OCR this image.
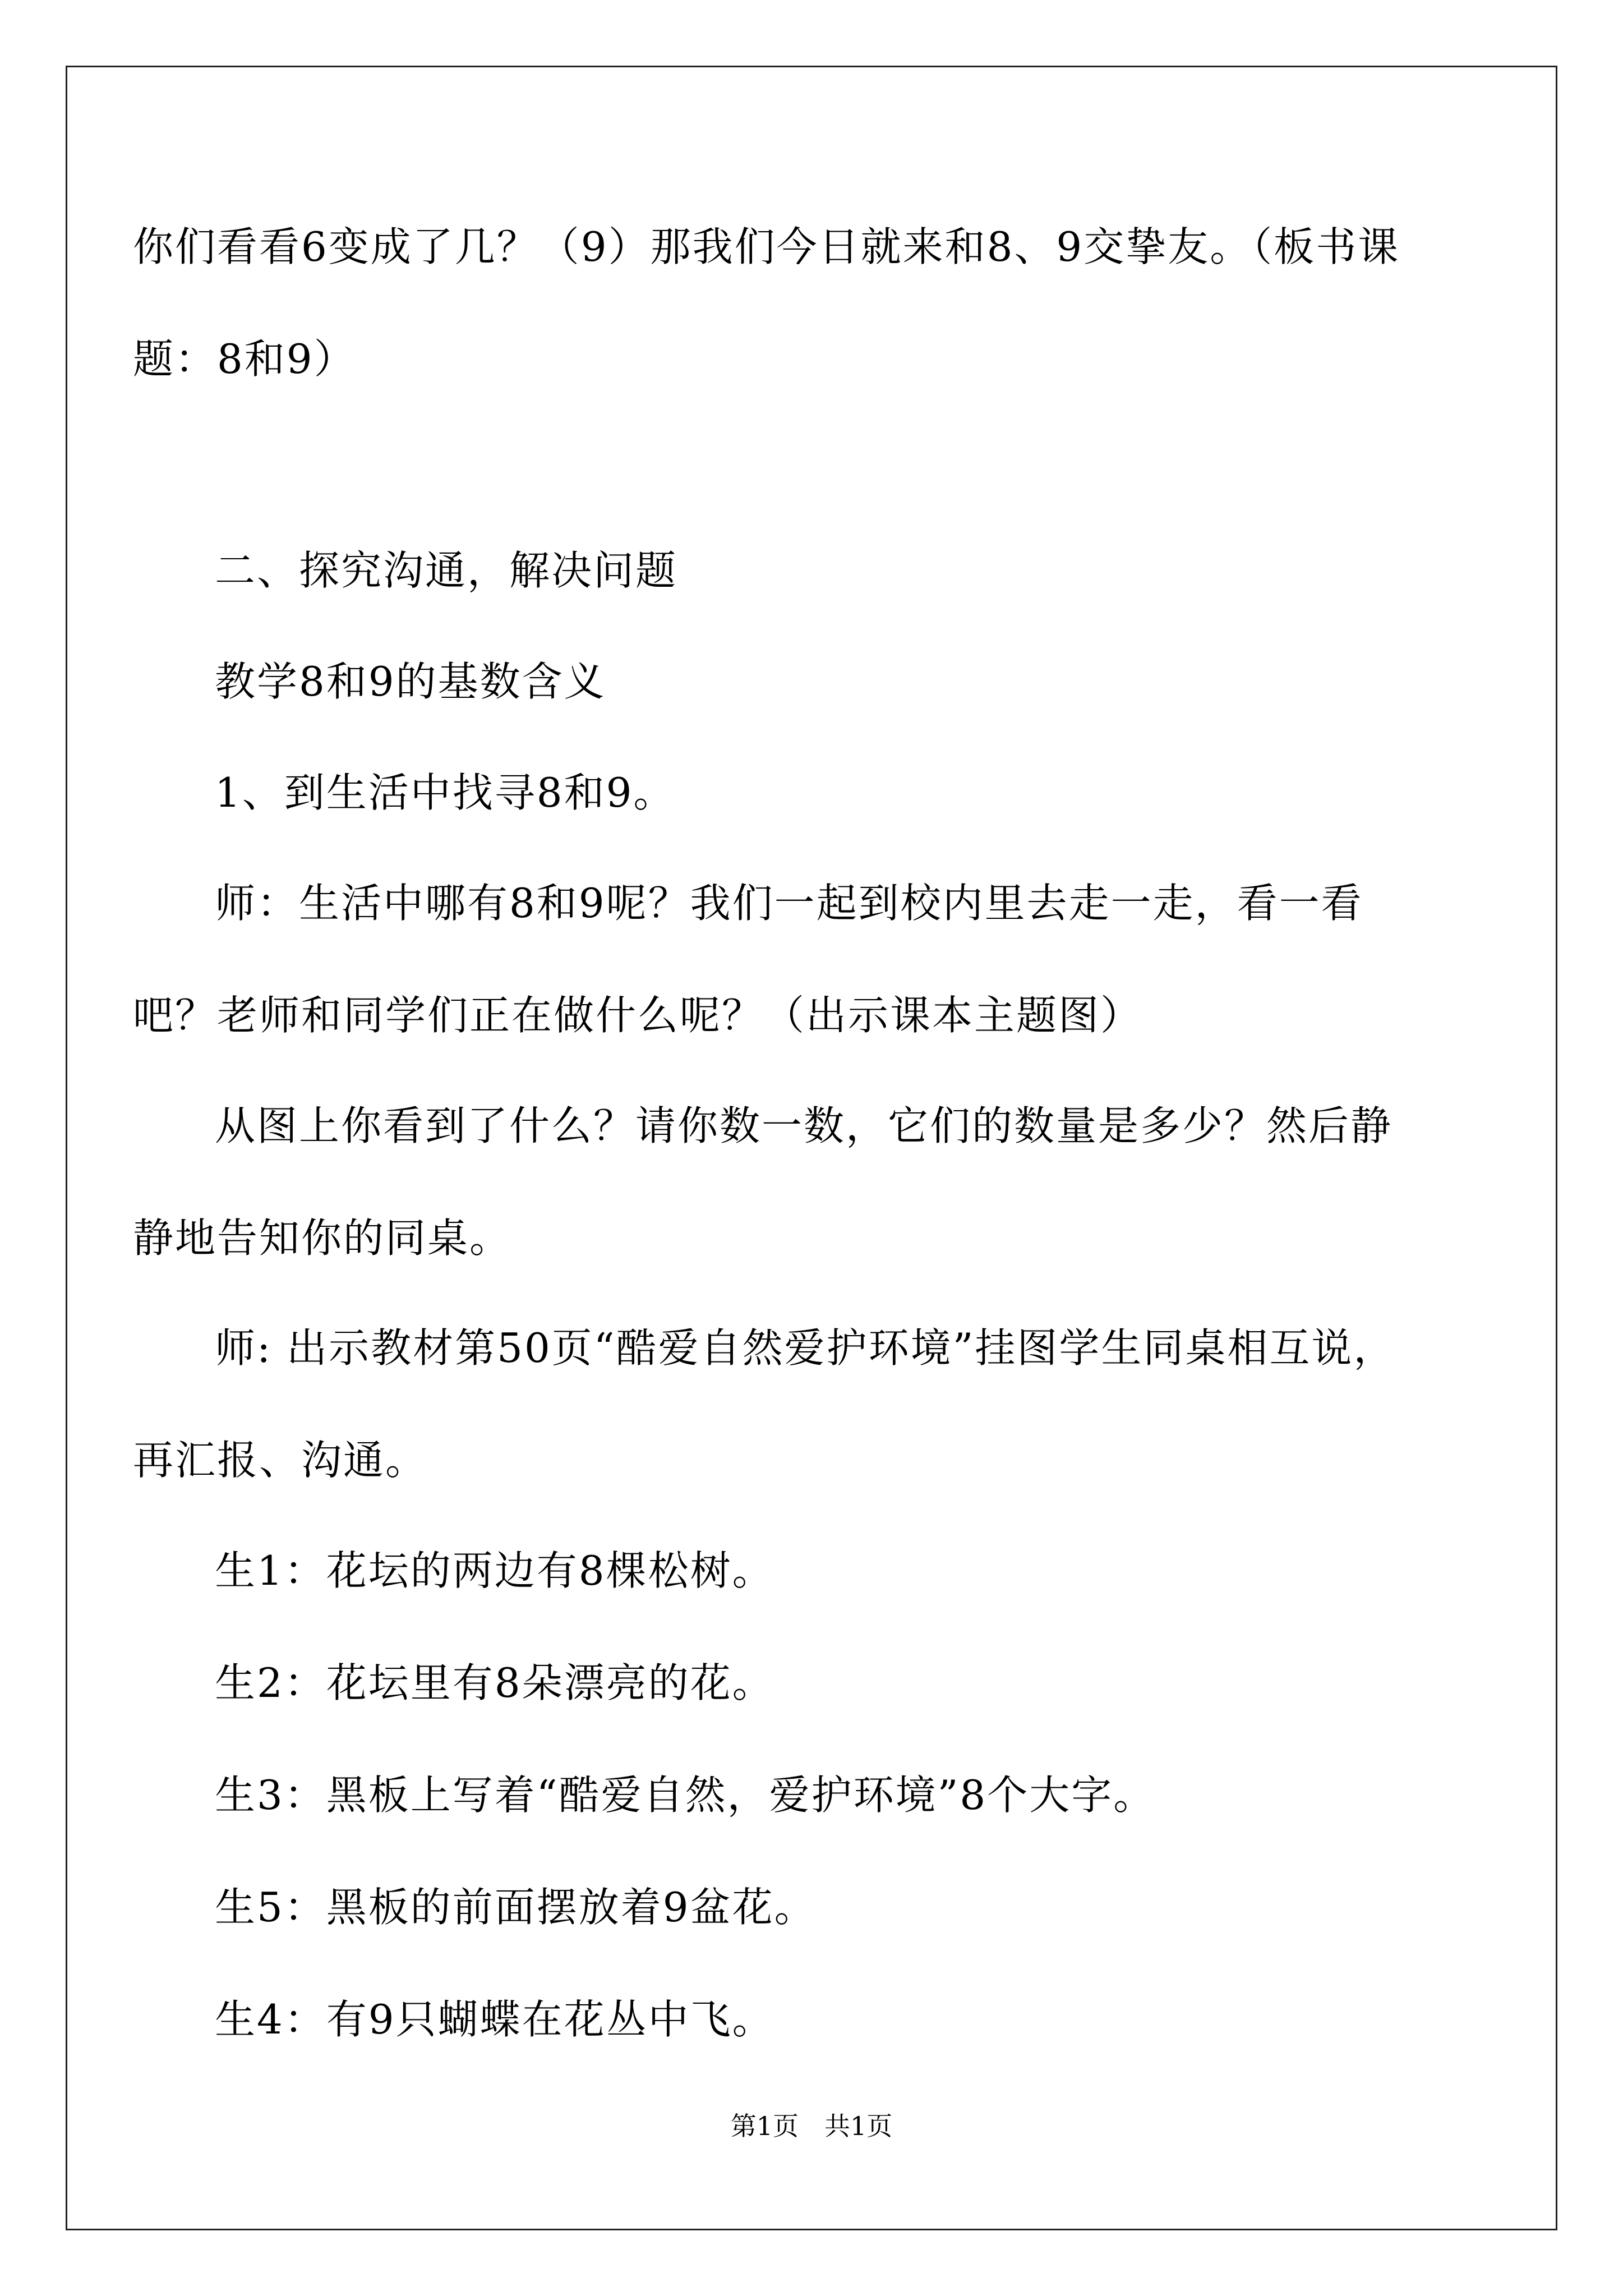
你们看看6变成了几？（9）那我们今日就来和8、9交挚友。（板书课
题：8和9）
二、探究沟通，解决问题
教学8和9的基数含义
1、到生活中找寻8和9。
师：生活中哪有8和9呢？我们一起到校内里去走一走，看一看
吧？老师和同学们正在做什么呢？（出示课本主题图）
从图上你看到了什么？请你数一数，它们的数量是多少？然后静
静地告知你的同桌。
师: 出示教材第50页“酷爱自然爱护环境”挂图学生同桌相互说，
再汇报、沟通。
生1：花坛的两边有8棵松树。
生2：花坛里有8朵漂亮的花。
生3：黑板上写着“酷爱自然，爱护环境”8个大字。
生5：黑板的前面摆放着9盆花。
生4：有9只蝴蝶在花丛中飞。
第1页　共1页
